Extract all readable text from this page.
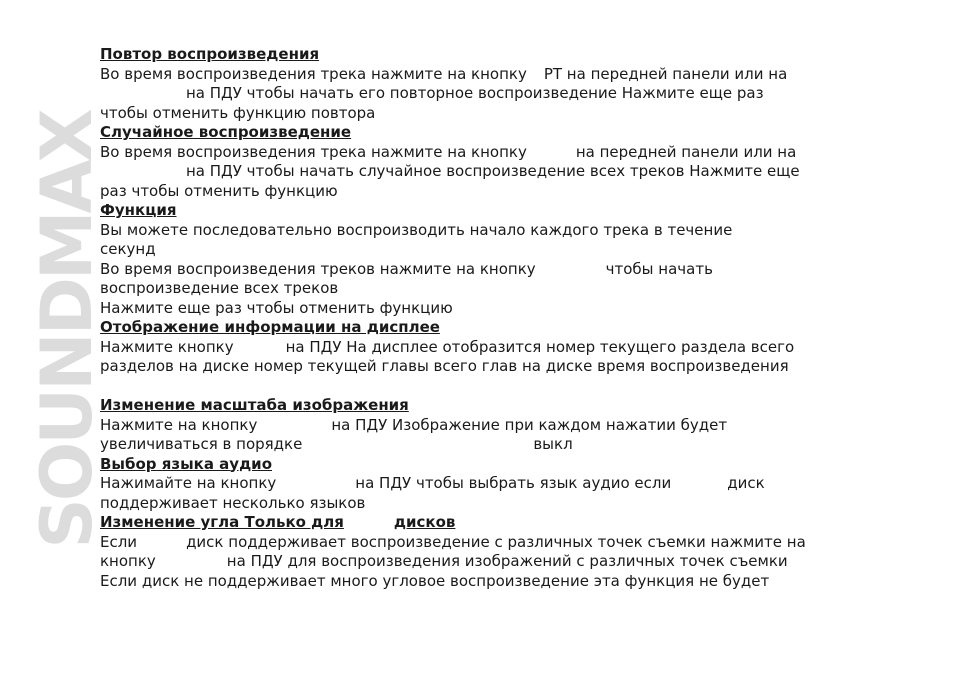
SOUNDMAX
Повтор воспроизведения
Во время воспроизведения трека нажмите на кнопку PT на передней панели или на
на ПДУ чтобы начать его повторное воспроизведение Нажмите еще раз
чтобы отменить функцию повтора
Случайное воспроизведение
Во время воспроизведения трека нажмите на кнопку	на передней панели или на
на ПДУ чтобы начать случайное воспроизведение всех треков Нажмите еще
раз чтобы отменить функцию
Функция
Вы можете последовательно воспроизводить начало каждого трека в течение
секунд
Во время воспроизведения треков нажмите на кнопку	чтобы начать
воспроизведение всех треков
Нажмите еще раз чтобы отменить функцию
Отображение информации на дисплее
Нажмите кнопку	на ПДУ На дисплее отобразится номер текущего раздела всего
разделов на диске номер текущей главы всего глав на диске время воспроизведения
Изменение масштаба изображения
Нажмите на кнопку	на ПДУ Изображение при каждом нажатии будет
увеличиваться в порядке	выкл
Выбор языка аудио
Нажимайте на кнопку	на ПДУ чтобы выбрать язык аудио если	диск
поддерживает несколько языков
Изменение угла Только для	дисков
Если	диск поддерживает воспроизведение с различных точек съемки нажмите на
кнопку	на ПДУ для воспроизведения изображений с различных точек съемки
Если диск не поддерживает много угловое воспроизведение эта функция не будет
